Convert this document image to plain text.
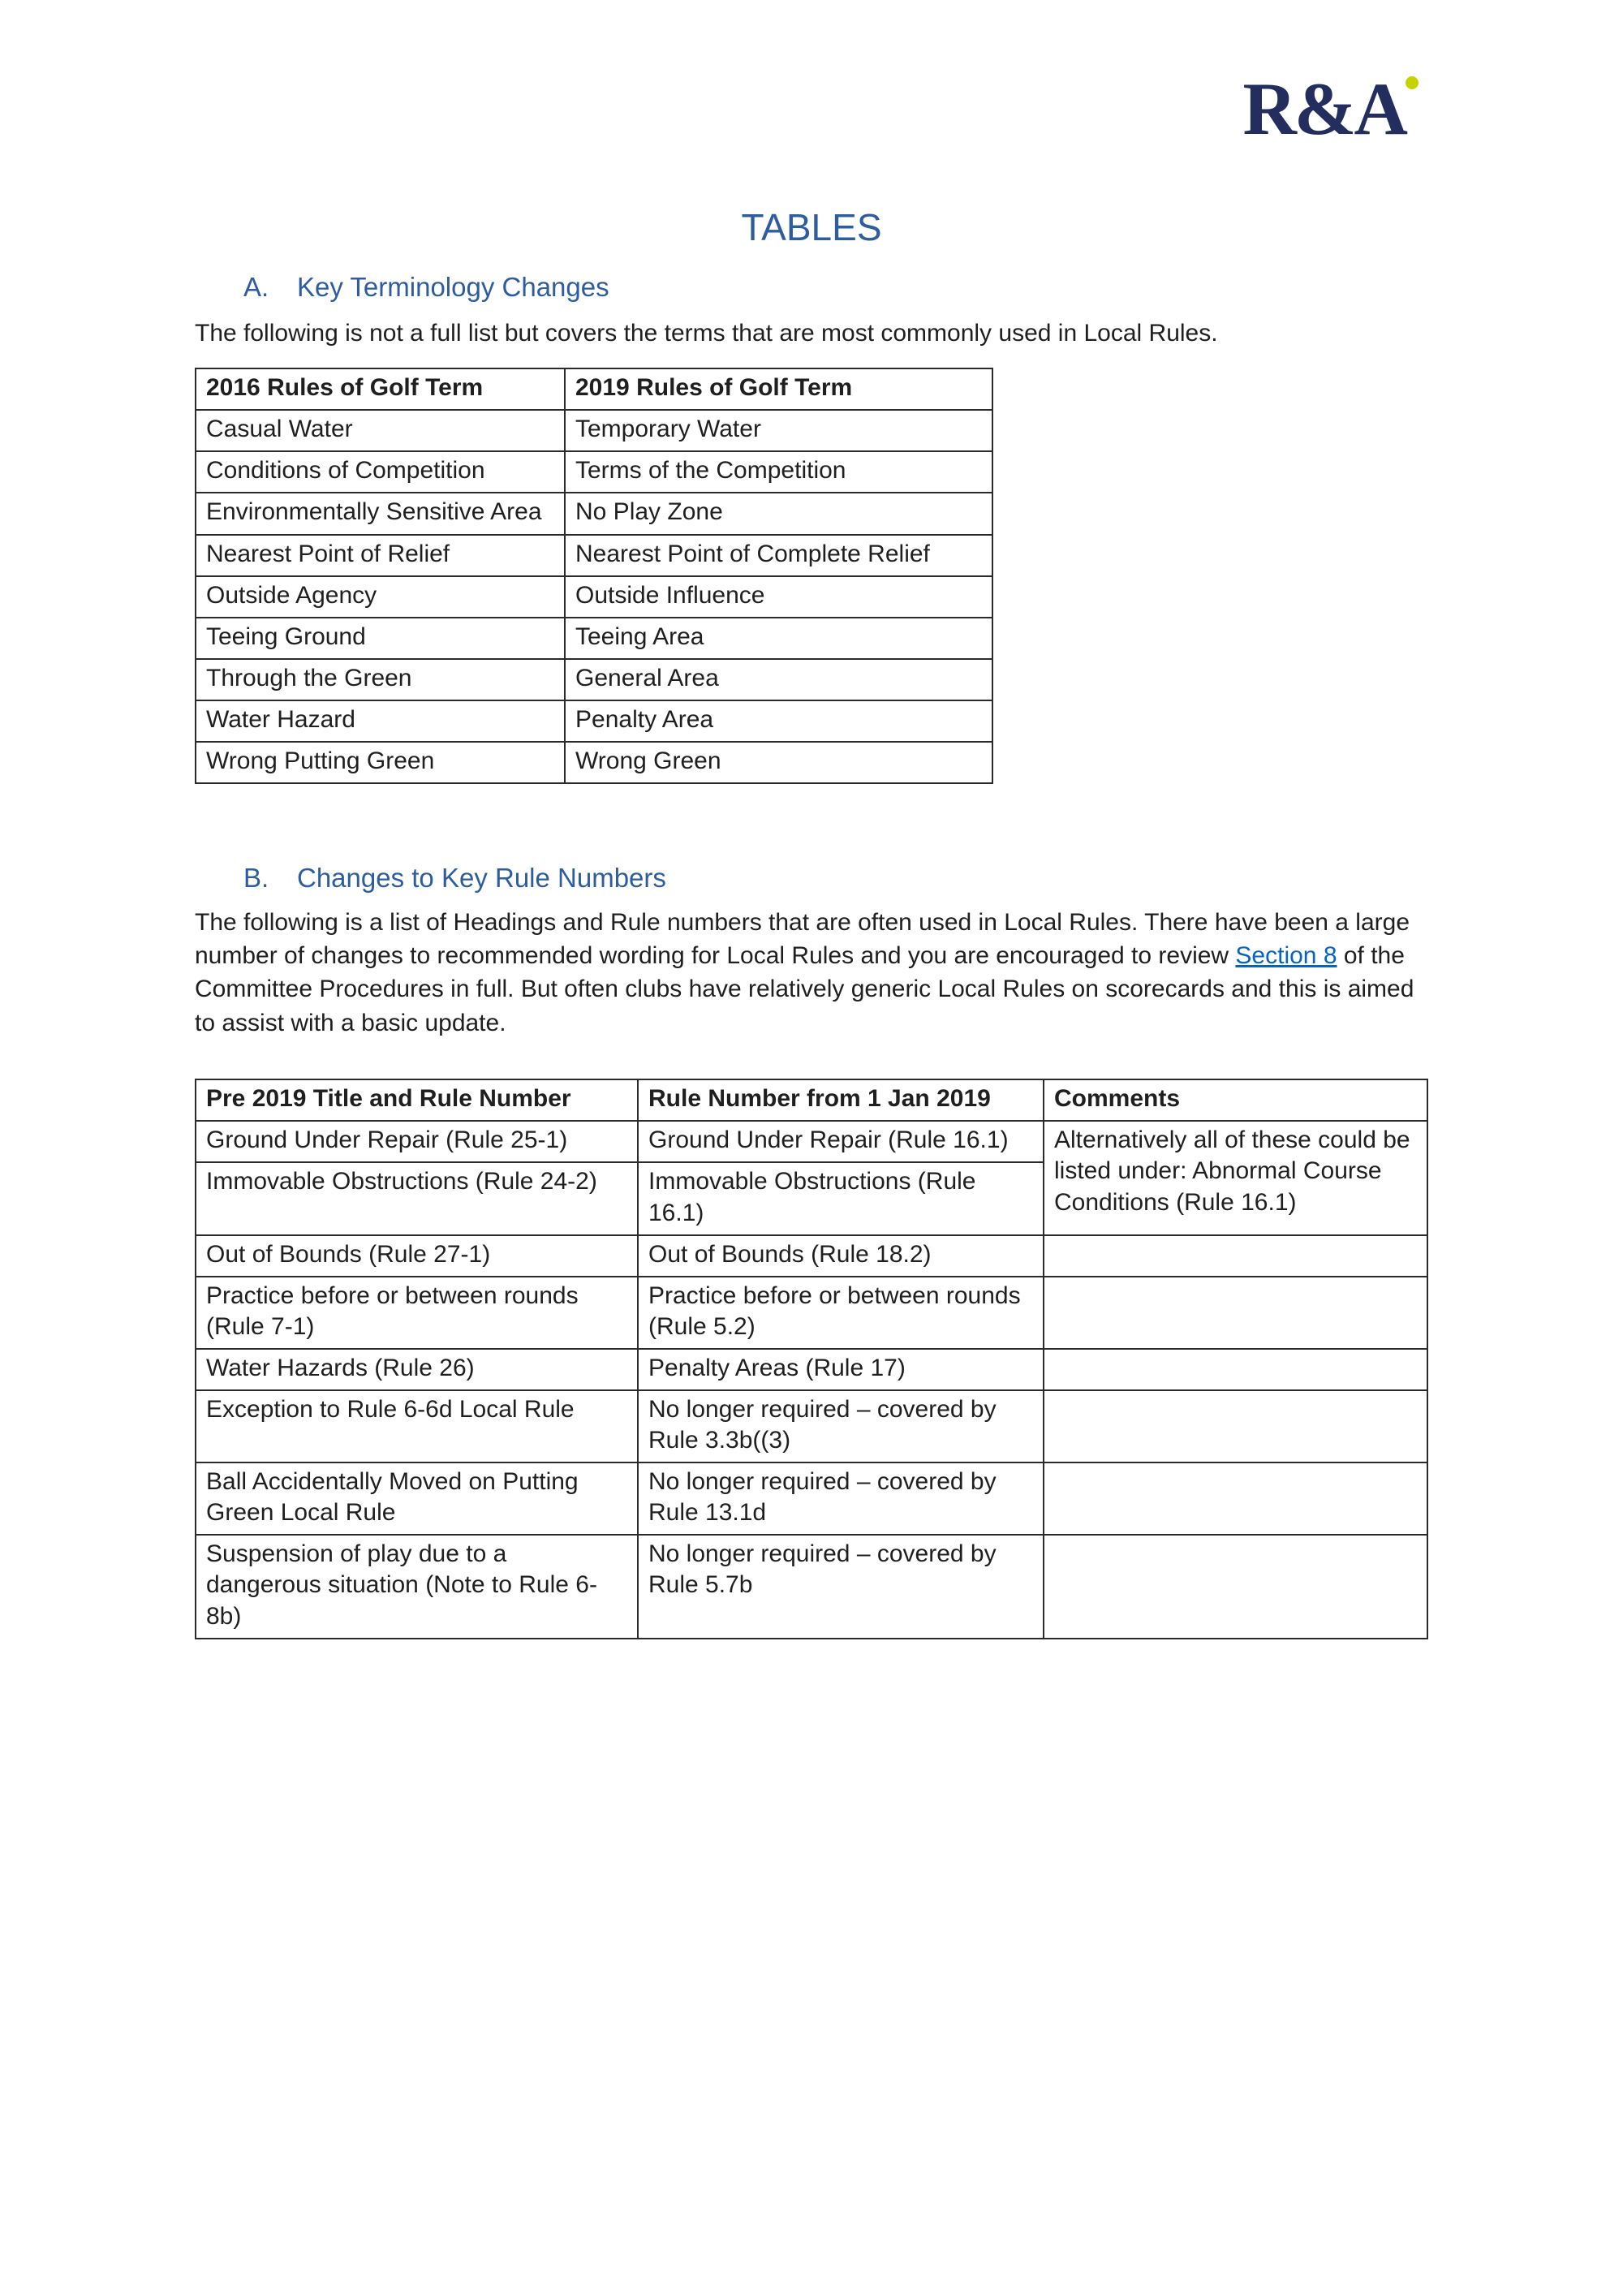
R&A
TABLES
A. Key Terminology Changes

The following is not a full list but covers the terms that are most commonly used in Local Rules.

2016 Rules of Golf Term	2019 Rules of Golf Term
Casual Water	Temporary Water
Conditions of Competition	Terms of the Competition
Environmentally Sensitive Area	No Play Zone
Nearest Point of Relief	Nearest Point of Complete Relief
Outside Agency	Outside Influence
Teeing Ground	Teeing Area
Through the Green	General Area
Water Hazard	Penalty Area
Wrong Putting Green	Wrong Green
B. Changes to Key Rule Numbers

The following is a list of Headings and Rule numbers that are often used in Local Rules. There have been a large number of changes to recommended wording for Local Rules and you are encouraged to review Section 8 of the Committee Procedures in full. But often clubs have relatively generic Local Rules on scorecards and this is aimed to assist with a basic update.

Pre 2019 Title and Rule Number	Rule Number from 1 Jan 2019	Comments
Ground Under Repair (Rule 25-1)	Ground Under Repair (Rule 16.1)	Alternatively all of these could be listed under: Abnormal Course Conditions (Rule 16.1)
Immovable Obstructions (Rule 24-2)	Immovable Obstructions (Rule 16.1)	
Out of Bounds (Rule 27-1)	Out of Bounds (Rule 18.2)	
Practice before or between rounds (Rule 7-1)	Practice before or between rounds (Rule 5.2)	
Water Hazards (Rule 26)	Penalty Areas (Rule 17)	
Exception to Rule 6-6d Local Rule	No longer required – covered by Rule 3.3b((3)	
Ball Accidentally Moved on Putting Green Local Rule	No longer required – covered by Rule 13.1d	
Suspension of play due to a dangerous situation (Note to Rule 6-8b)	No longer required – covered by Rule 5.7b	
